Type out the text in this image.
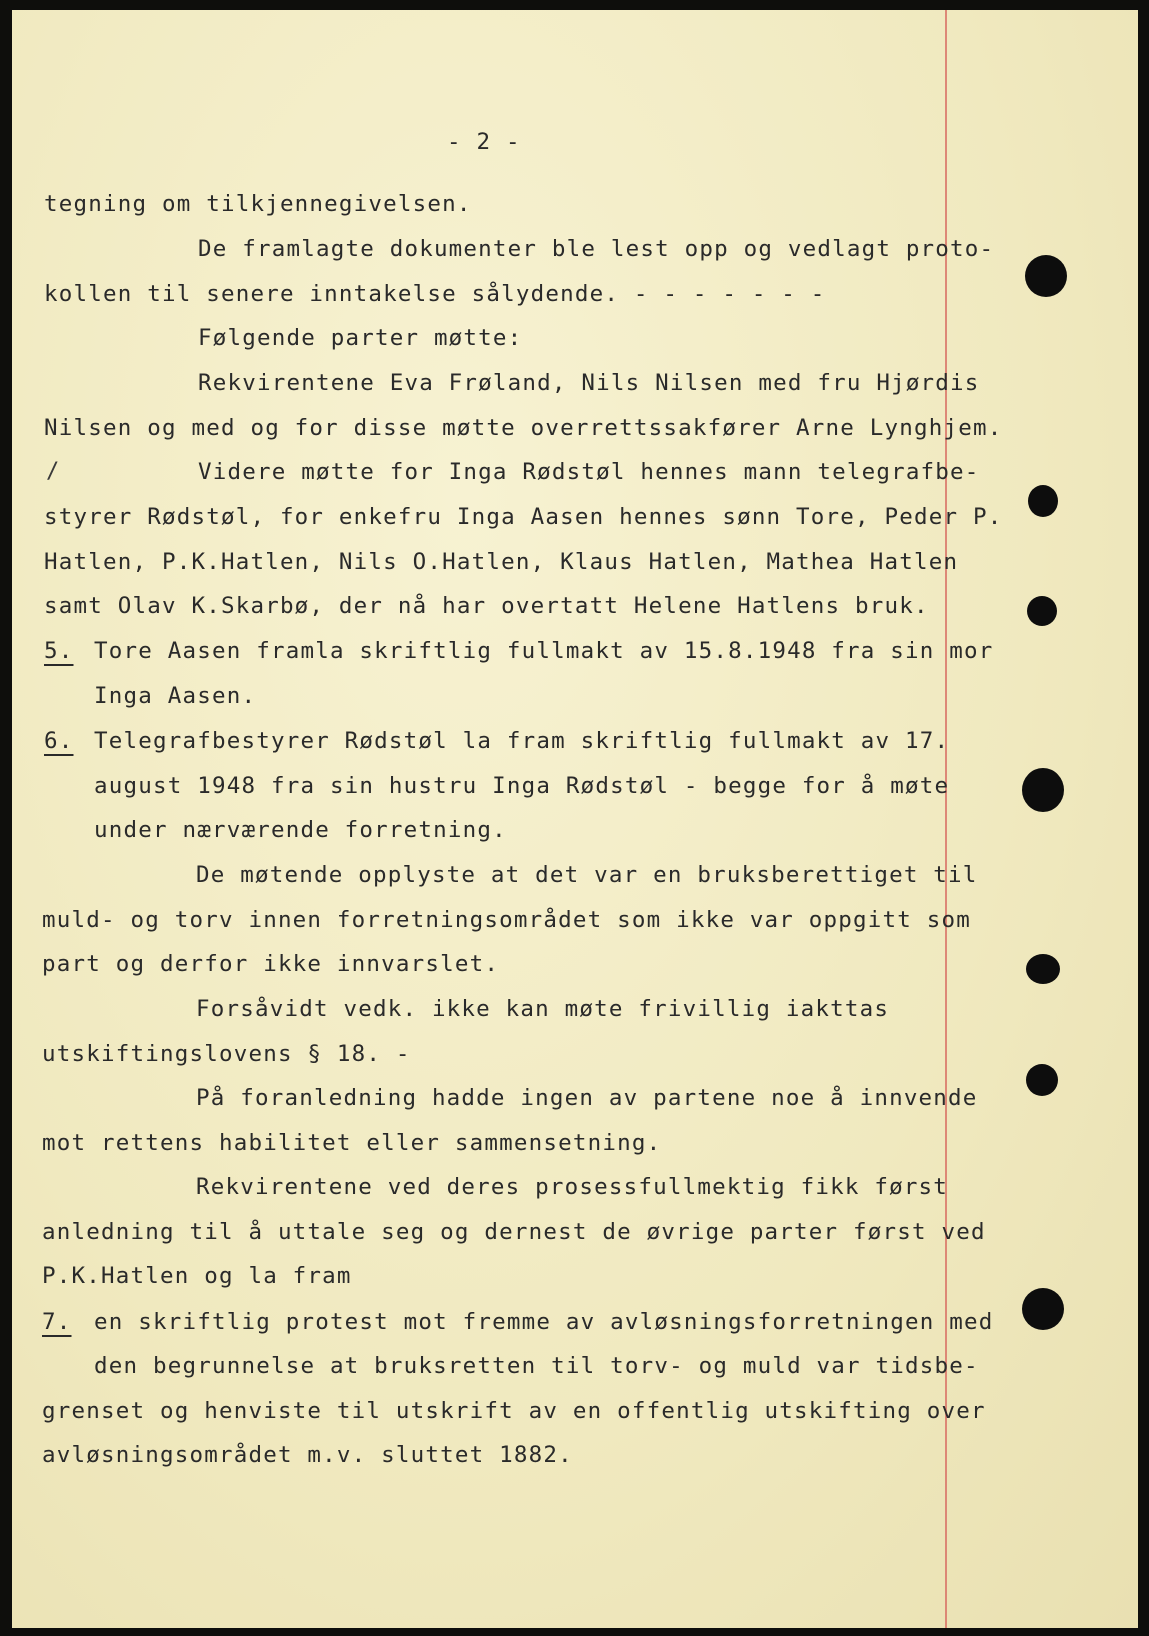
- 2 -
tegning om tilkjennegivelsen.
De framlagte dokumenter ble lest opp og vedlagt proto-
kollen til senere inntakelse sålydende. - - - - - - -
Følgende parter møtte:
Rekvirentene Eva Frøland, Nils Nilsen med fru Hjørdis
Nilsen og med og for disse møtte overrettssakfører Arne Lynghjem.
/	Videre møtte for Inga Rødstøl hennes mann telegrafbe-
styrer Rødstøl, for enkefru Inga Aasen hennes sønn Tore, Peder P.
Hatlen, P.K.Hatlen, Nils O.Hatlen, Klaus Hatlen, Mathea Hatlen
samt Olav K.Skarbø, der nå har overtatt Helene Hatlens bruk.
5. Tore Aasen framla skriftlig fullmakt av 15.8.1948 fra sin mor
Inga Aasen.
6. Telegrafbestyrer Rødstøl la fram skriftlig fullmakt av 17.
august 1948 fra sin hustru Inga Rødstøl - begge for å møte
under nærværende forretning.
De møtende opplyste at det var en bruksberettiget til
muld- og torv innen forretningsområdet som ikke var oppgitt som
part og derfor ikke innvarslet.
Forsåvidt vedk. ikke kan møte frivillig iakttas
utskiftingslovens § 18. -
På foranledning hadde ingen av partene noe å innvende
mot rettens habilitet eller sammensetning.
Rekvirentene ved deres prosessfullmektig fikk først
anledning til å uttale seg og dernest de øvrige parter først ved
P.K.Hatlen og la fram
7. en skriftlig protest mot fremme av avløsningsforretningen med
den begrunnelse at bruksretten til torv- og muld var tidsbe-
grenset og henviste til utskrift av en offentlig utskifting over
avløsningsområdet m.v. sluttet 1882.
